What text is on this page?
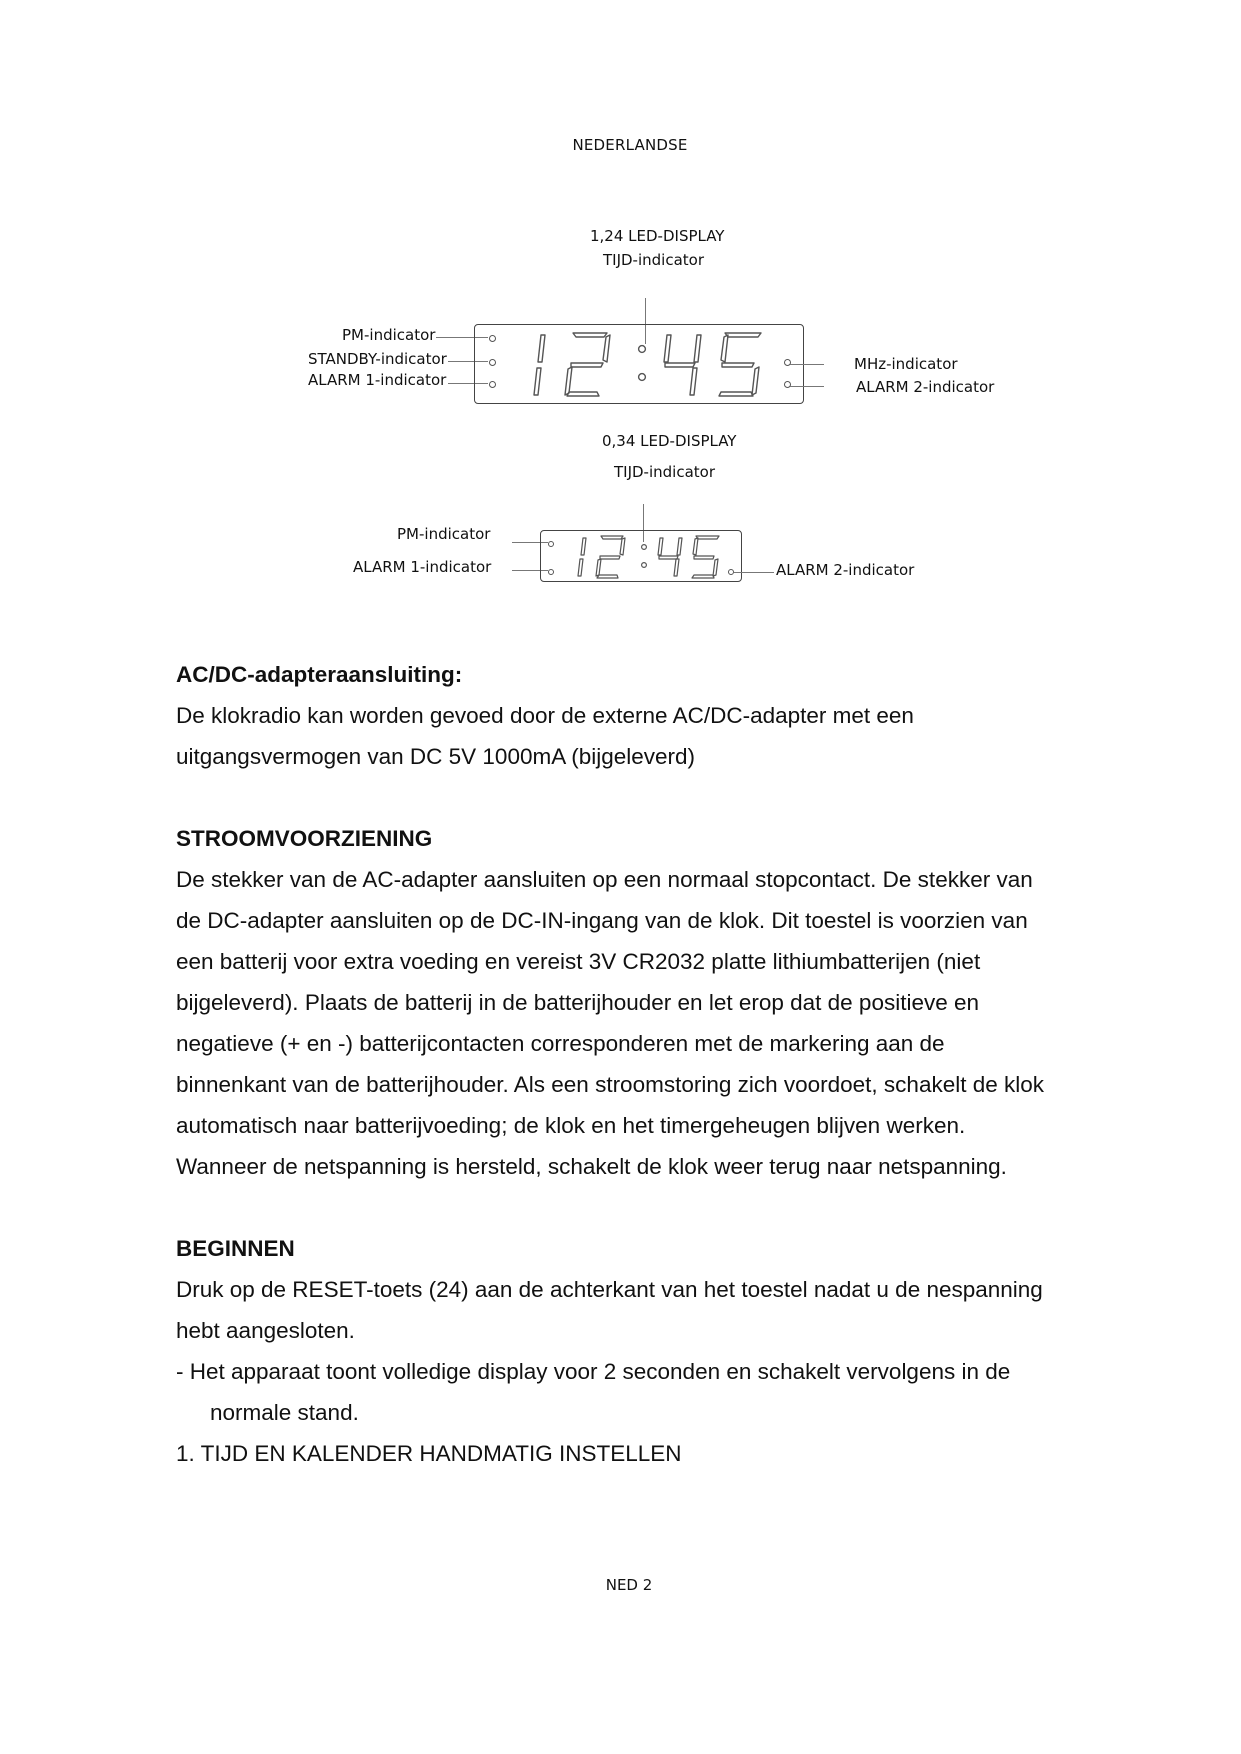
NEDERLANDSE
1,24 LED-DISPLAY
TIJD-indicator
PM-indicator
STANDBY-indicator
ALARM 1-indicator
MHz-indicator
ALARM 2-indicator
0,34 LED-DISPLAY
TIJD-indicator
PM-indicator
ALARM 1-indicator	ALARM 2-indicator

AC/DC-adapteraansluiting:

De klokradio kan worden gevoed door de externe AC/DC-adapter met een

uitgangsvermogen van DC 5V 1000mA (bijgeleverd)

STROOMVOORZIENING

De stekker van de AC-adapter aansluiten op een normaal stopcontact. De stekker van

de DC-adapter aansluiten op de DC-IN-ingang van de klok. Dit toestel is voorzien van

een batterij voor extra voeding en vereist 3V CR2032 platte lithiumbatterijen (niet

bijgeleverd). Plaats de batterij in de batterijhouder en let erop dat de positieve en

negatieve (+ en -) batterijcontacten corresponderen met de markering aan de

binnenkant van de batterijhouder. Als een stroomstoring zich voordoet, schakelt de klok

automatisch naar batterijvoeding; de klok en het timergeheugen blijven werken.

Wanneer de netspanning is hersteld, schakelt de klok weer terug naar netspanning.

BEGINNEN

Druk op de RESET-toets (24) aan de achterkant van het toestel nadat u de nespanning

hebt aangesloten.

- Het apparaat toont volledige display voor 2 seconden en schakelt vervolgens in de

normale stand.

1. TIJD EN KALENDER HANDMATIG INSTELLEN

NED 2
